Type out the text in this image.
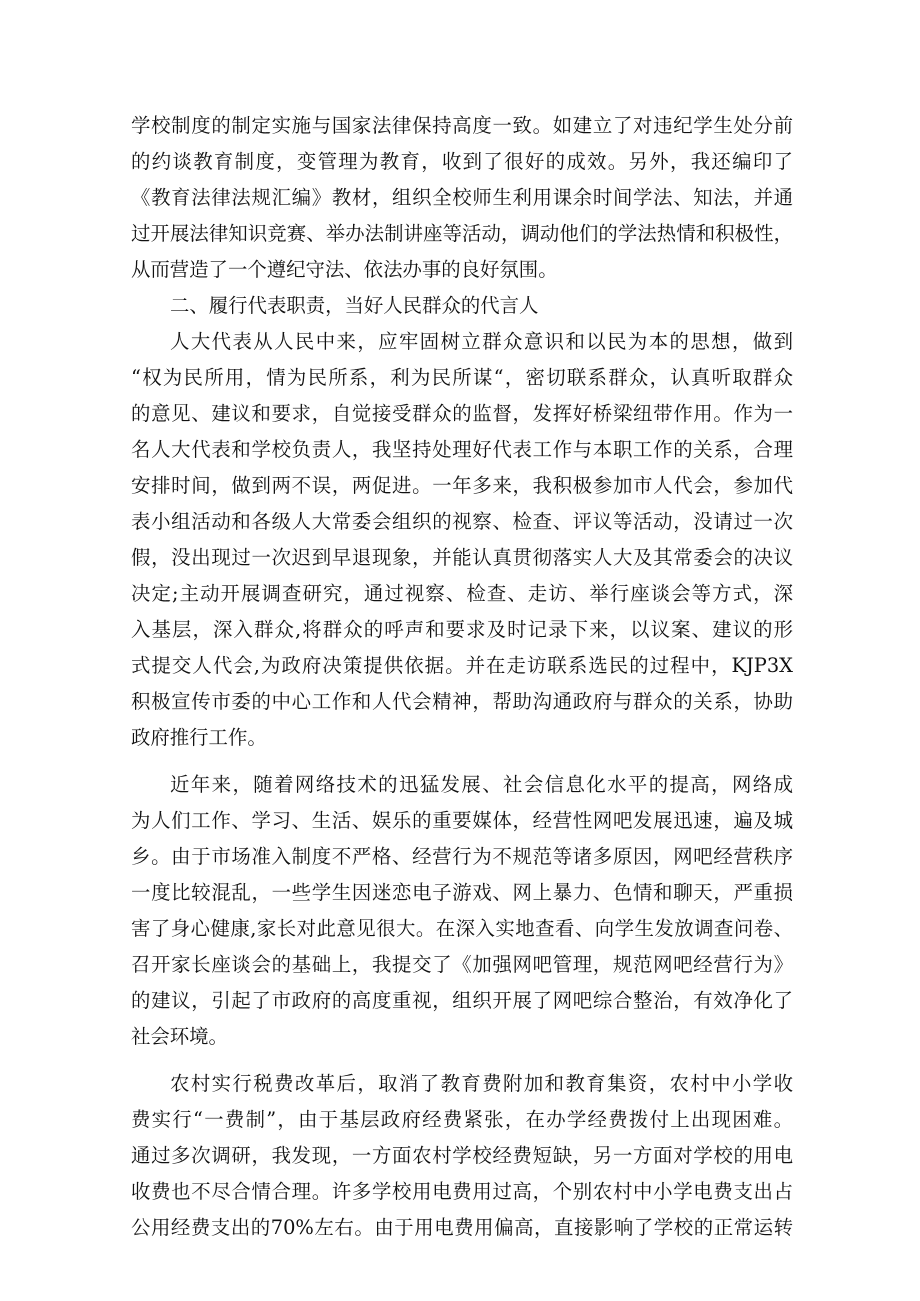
学校制度的制定实施与国家法律保持高度一致。如建立了对违纪学生处分前
的约谈教育制度，变管理为教育，收到了很好的成效。另外，我还编印了
《教育法律法规汇编》教材，组织全校师生利用课余时间学法、知法，并通
过开展法律知识竞赛、举办法制讲座等活动，调动他们的学法热情和积极性，
从而营造了一个遵纪守法、依法办事的良好氛围。
二、履行代表职责，当好人民群众的代言人
人大代表从人民中来，应牢固树立群众意识和以民为本的思想，做到
“权为民所用，情为民所系，利为民所谋“，密切联系群众，认真听取群众
的意见、建议和要求，自觉接受群众的监督，发挥好桥梁纽带作用。作为一
名人大代表和学校负责人，我坚持处理好代表工作与本职工作的关系，合理
安排时间，做到两不误，两促进。一年多来，我积极参加市人代会，参加代
表小组活动和各级人大常委会组织的视察、检查、评议等活动，没请过一次
假，没出现过一次迟到早退现象，并能认真贯彻落实人大及其常委会的决议
决定;主动开展调查研究，通过视察、检查、走访、举行座谈会等方式，深
入基层，深入群众,将群众的呼声和要求及时记录下来，以议案、建议的形
式提交人代会,为政府决策提供依据。并在走访联系选民的过程中，KJP3X
积极宣传市委的中心工作和人代会精神，帮助沟通政府与群众的关系，协助
政府推行工作。
近年来，随着网络技术的迅猛发展、社会信息化水平的提高，网络成
为人们工作、学习、生活、娱乐的重要媒体，经营性网吧发展迅速，遍及城
乡。由于市场准入制度不严格、经营行为不规范等诸多原因，网吧经营秩序
一度比较混乱，一些学生因迷恋电子游戏、网上暴力、色情和聊天，严重损
害了身心健康,家长对此意见很大。在深入实地查看、向学生发放调查问卷、
召开家长座谈会的基础上，我提交了《加强网吧管理，规范网吧经营行为》
的建议，引起了市政府的高度重视，组织开展了网吧综合整治，有效净化了
社会环境。
农村实行税费改革后，取消了教育费附加和教育集资，农村中小学收
费实行“一费制”，由于基层政府经费紧张，在办学经费拨付上出现困难。
通过多次调研，我发现，一方面农村学校经费短缺，另一方面对学校的用电
收费也不尽合情合理。许多学校用电费用过高，个别农村中小学电费支出占
公用经费支出的70%左右。由于用电费用偏高，直接影响了学校的正常运转
